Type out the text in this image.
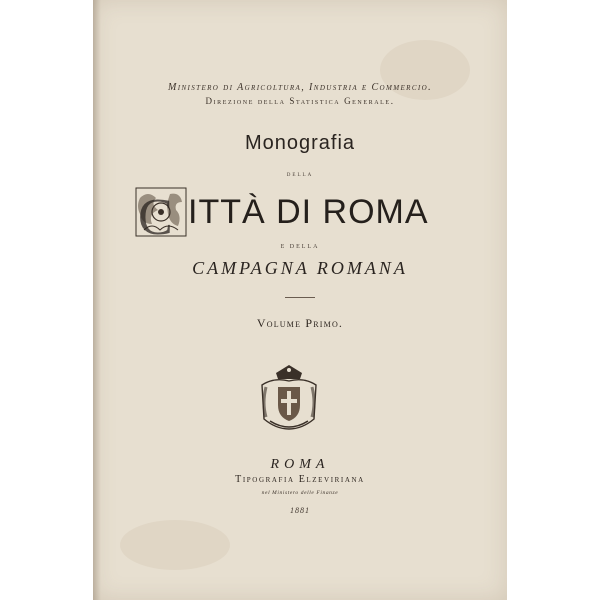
Ministero di Agricoltura, Industria e Commercio.
Direzione della Statistica Generale.
Monografia
DELLA
C ITTÀ DI ROMA
E DELLA
CAMPAGNA ROMANA
Volume Primo.
ROMA
Tipografia Elzeviriana
nel Ministero delle Finanze
1881
